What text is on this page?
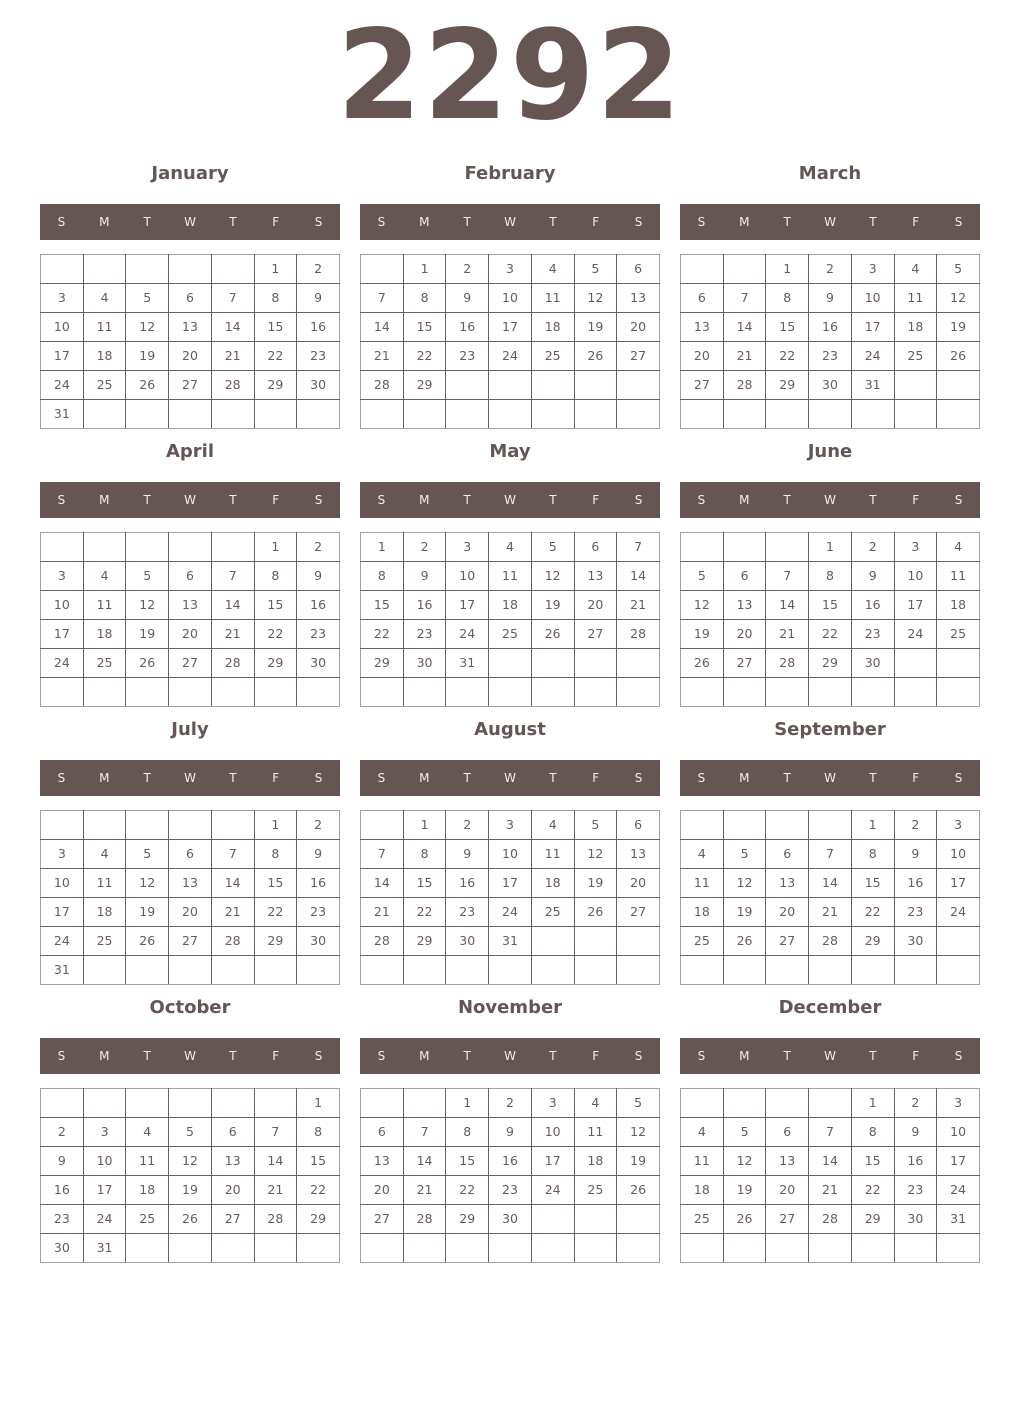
2292
January
S	M	T	W	T	F	S
					1	2
3	4	5	6	7	8	9
10	11	12	13	14	15	16
17	18	19	20	21	22	23
24	25	26	27	28	29	30
31						
February
S	M	T	W	T	F	S
	1	2	3	4	5	6
7	8	9	10	11	12	13
14	15	16	17	18	19	20
21	22	23	24	25	26	27
28	29					

March
S	M	T	W	T	F	S
		1	2	3	4	5
6	7	8	9	10	11	12
13	14	15	16	17	18	19
20	21	22	23	24	25	26
27	28	29	30	31		

April
S	M	T	W	T	F	S
					1	2
3	4	5	6	7	8	9
10	11	12	13	14	15	16
17	18	19	20	21	22	23
24	25	26	27	28	29	30

May
S	M	T	W	T	F	S
1	2	3	4	5	6	7
8	9	10	11	12	13	14
15	16	17	18	19	20	21
22	23	24	25	26	27	28
29	30	31				

June
S	M	T	W	T	F	S
			1	2	3	4
5	6	7	8	9	10	11
12	13	14	15	16	17	18
19	20	21	22	23	24	25
26	27	28	29	30		

July
S	M	T	W	T	F	S
					1	2
3	4	5	6	7	8	9
10	11	12	13	14	15	16
17	18	19	20	21	22	23
24	25	26	27	28	29	30
31						
August
S	M	T	W	T	F	S
	1	2	3	4	5	6
7	8	9	10	11	12	13
14	15	16	17	18	19	20
21	22	23	24	25	26	27
28	29	30	31			

September
S	M	T	W	T	F	S
				1	2	3
4	5	6	7	8	9	10
11	12	13	14	15	16	17
18	19	20	21	22	23	24
25	26	27	28	29	30	

October
S	M	T	W	T	F	S
						1
2	3	4	5	6	7	8
9	10	11	12	13	14	15
16	17	18	19	20	21	22
23	24	25	26	27	28	29
30	31					
November
S	M	T	W	T	F	S
		1	2	3	4	5
6	7	8	9	10	11	12
13	14	15	16	17	18	19
20	21	22	23	24	25	26
27	28	29	30			

December
S	M	T	W	T	F	S
				1	2	3
4	5	6	7	8	9	10
11	12	13	14	15	16	17
18	19	20	21	22	23	24
25	26	27	28	29	30	31
